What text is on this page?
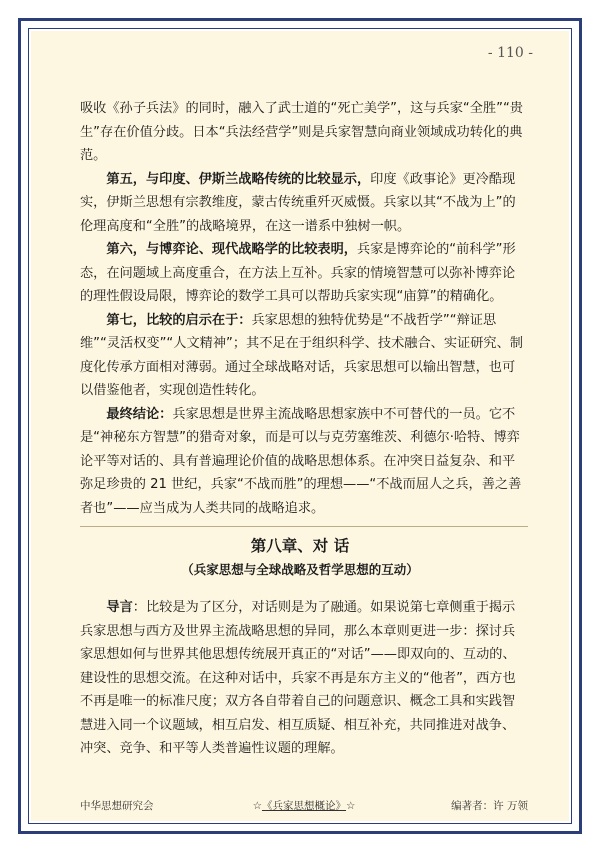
- 110 -

吸收《孙子兵法》的同时，融入了武士道的“死亡美学”，这与兵家“全胜”“贵生”存在价值分歧。日本“兵法经营学”则是兵家智慧向商业领域成功转化的典范。

第五，与印度、伊斯兰战略传统的比较显示，印度《政事论》更冷酷现实，伊斯兰思想有宗教维度，蒙古传统重歼灭威慑。兵家以其“不战为上”的伦理高度和“全胜”的战略境界，在这一谱系中独树一帜。

第六，与博弈论、现代战略学的比较表明，兵家是博弈论的“前科学”形态，在问题域上高度重合，在方法上互补。兵家的情境智慧可以弥补博弈论的理性假设局限，博弈论的数学工具可以帮助兵家实现“庙算”的精确化。

第七，比较的启示在于：兵家思想的独特优势是“不战哲学”“辩证思维”“灵活权变”“人文精神”；其不足在于组织科学、技术融合、实证研究、制度化传承方面相对薄弱。通过全球战略对话，兵家思想可以输出智慧，也可以借鉴他者，实现创造性转化。

最终结论：兵家思想是世界主流战略思想家族中不可替代的一员。它不是“神秘东方智慧”的猎奇对象，而是可以与克劳塞维茨、利德尔·哈特、博弈论平等对话的、具有普遍理论价值的战略思想体系。在冲突日益复杂、和平弥足珍贵的 21 世纪，兵家“不战而胜”的理想——“不战而屈人之兵，善之善者也”——应当成为人类共同的战略追求。

第八章、对 话
（兵家思想与全球战略及哲学思想的互动）

导言：比较是为了区分，对话则是为了融通。如果说第七章侧重于揭示兵家思想与西方及世界主流战略思想的异同，那么本章则更进一步：探讨兵家思想如何与世界其他思想传统展开真正的“对话”——即双向的、互动的、建设性的思想交流。在这种对话中，兵家不再是东方主义的“他者”，西方也不再是唯一的标准尺度；双方各自带着自己的问题意识、概念工具和实践智慧进入同一个议题域，相互启发、相互质疑、相互补充，共同推进对战争、冲突、竞争、和平等人类普遍性议题的理解。

中华思想研究会	☆《兵家思想概论》☆	编著者：许 万领
